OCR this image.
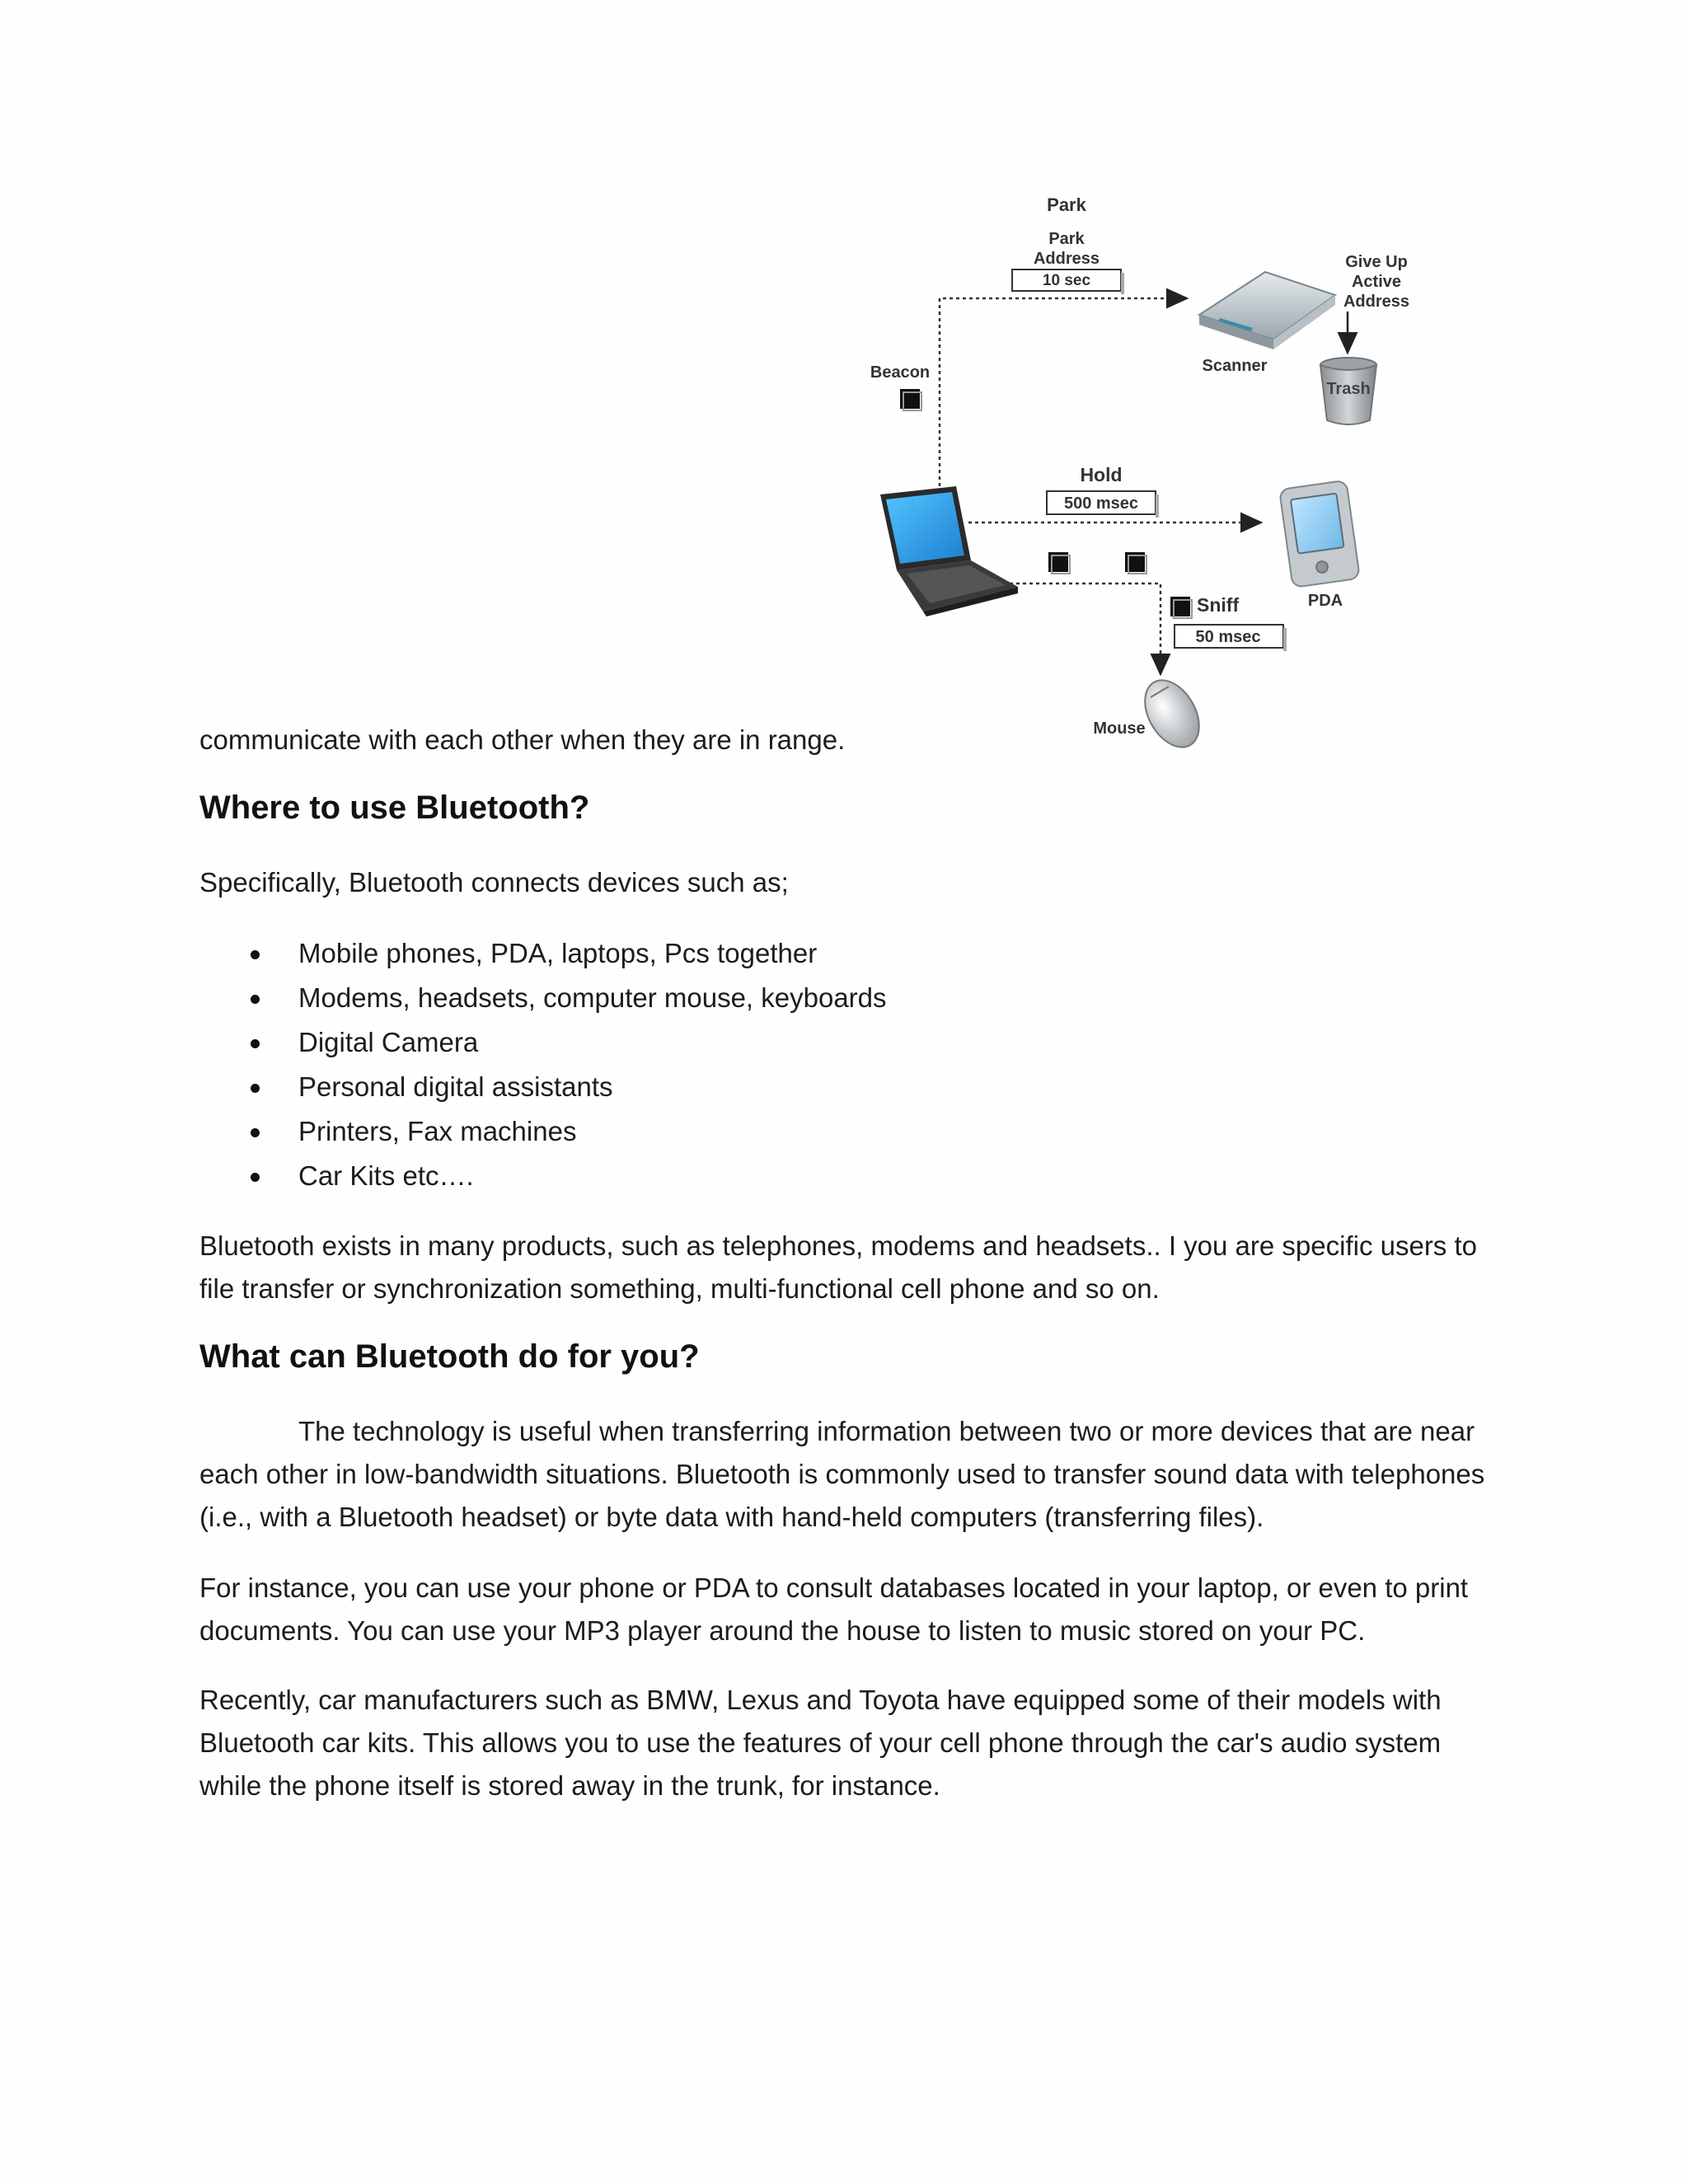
Park
Park
Address
10 sec
Give Up
Active
Address
Beacon	Scanner
Trash
Hold
500 msec
PDA
Sniff
50 msec
Mouse

communicate with each other when they are in range.

Where to use Bluetooth?

Specifically, Bluetooth connects devices such as;

Mobile phones, PDA, laptops, Pcs together
Modems, headsets, computer mouse, keyboards
Digital Camera
Personal digital assistants
Printers, Fax machines
Car Kits etc….

Bluetooth exists in many products, such as telephones, modems and headsets.. I you are specific users to file transfer or synchronization something, multi-functional cell phone and so on.

What can Bluetooth do for you?

The technology is useful when transferring information between two or more devices that are near each other in low-bandwidth situations. Bluetooth is commonly used to transfer sound data with telephones (i.e., with a Bluetooth headset) or byte data with hand-held computers (transferring files).

For instance, you can use your phone or PDA to consult databases located in your laptop, or even to print documents. You can use your MP3 player around the house to listen to music stored on your PC.

Recently, car manufacturers such as BMW, Lexus and Toyota have equipped some of their models with Bluetooth car kits. This allows you to use the features of your cell phone through the car's audio system while the phone itself is stored away in the trunk, for instance.
